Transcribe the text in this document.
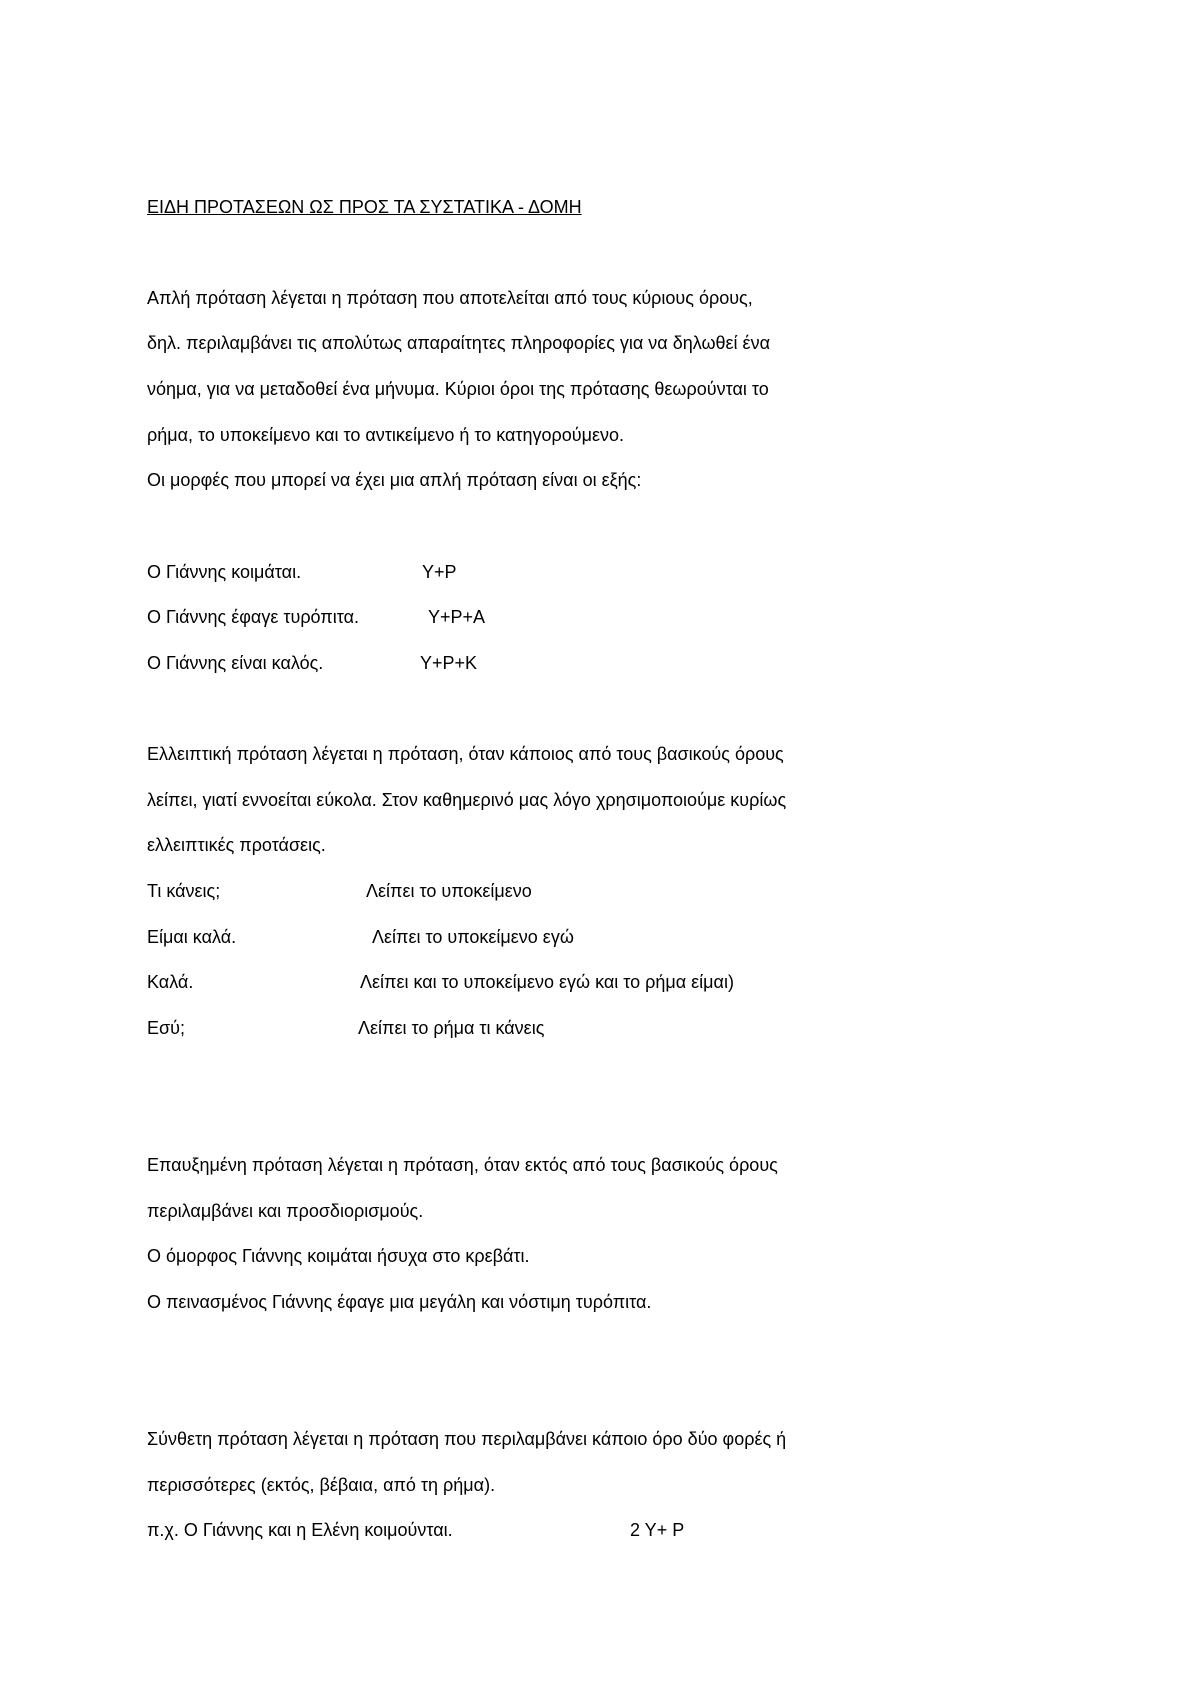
ΕΙΔΗ ΠΡΟΤΑΣΕΩΝ ΩΣ ΠΡΟΣ ΤΑ ΣΥΣΤΑΤΙΚΑ - ΔΟΜΗ
Απλή πρόταση λέγεται η πρόταση που αποτελείται από τους κύριους όρους,
δηλ. περιλαμβάνει τις απολύτως απαραίτητες πληροφορίες για να δηλωθεί ένα
νόημα, για να μεταδοθεί ένα μήνυμα. Κύριοι όροι της πρότασης θεωρούνται το
ρήμα, το υποκείμενο και το αντικείμενο ή το κατηγορούμενο.
Οι μορφές που μπορεί να έχει μια απλή πρόταση είναι οι εξής:
Ο Γιάννης κοιμάται.	Υ+Ρ
Ο Γιάννης έφαγε τυρόπιτα.	Υ+Ρ+Α
Ο Γιάννης είναι καλός.	Υ+Ρ+Κ
Ελλειπτική πρόταση λέγεται η πρόταση, όταν κάποιος από τους βασικούς όρους
λείπει, γιατί εννοείται εύκολα. Στον καθημερινό μας λόγο χρησιμοποιούμε κυρίως
ελλειπτικές προτάσεις.
Τι κάνεις;	Λείπει το υποκείμενο
Είμαι καλά.	Λείπει το υποκείμενο εγώ
Καλά.	Λείπει και το υποκείμενο εγώ και το ρήμα είμαι)
Εσύ;	Λείπει το ρήμα τι κάνεις
Επαυξημένη πρόταση λέγεται η πρόταση, όταν εκτός από τους βασικούς όρους
περιλαμβάνει και προσδιορισμούς.
Ο όμορφος Γιάννης κοιμάται ήσυχα στο κρεβάτι.
Ο πεινασμένος Γιάννης έφαγε μια μεγάλη και νόστιμη τυρόπιτα.
Σύνθετη πρόταση λέγεται η πρόταση που περιλαμβάνει κάποιο όρο δύο φορές ή
περισσότερες (εκτός, βέβαια, από τη ρήμα).
π.χ. Ο Γιάννης και η Ελένη κοιμούνται.	2 Υ+ Ρ
